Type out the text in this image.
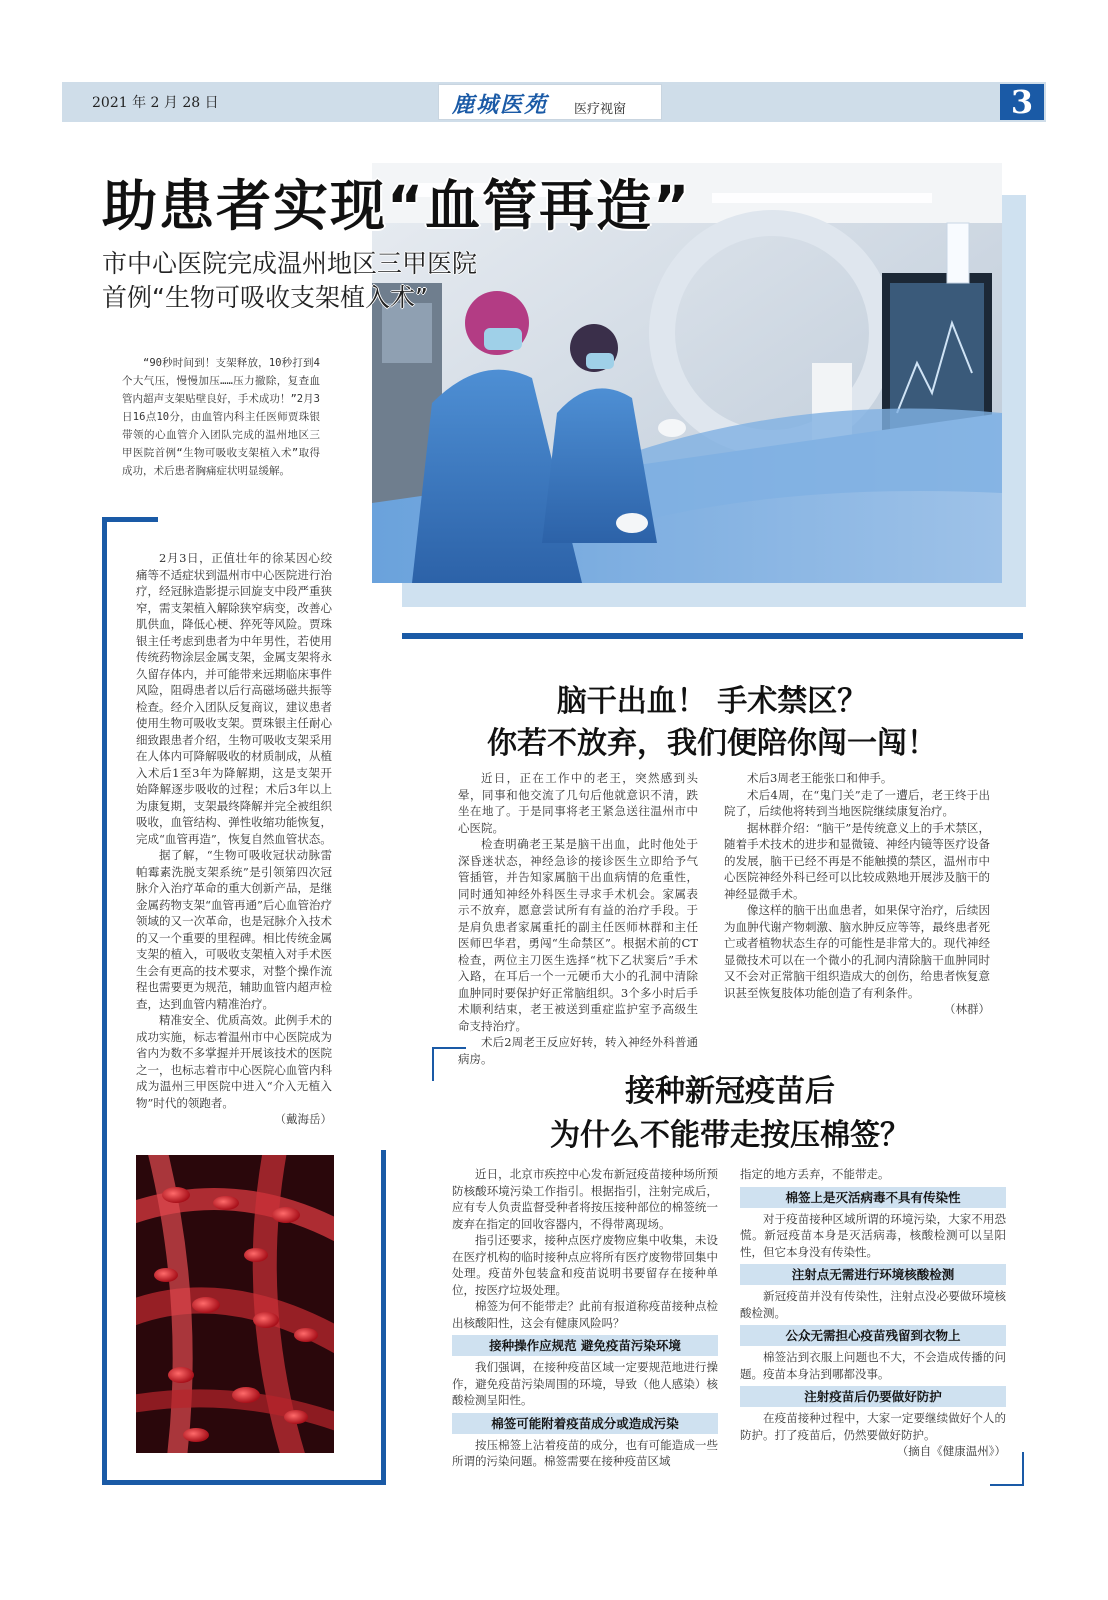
2021 年 2 月 28 日	鹿城医苑 医疗视窗	3
助患者实现“血管再造”
市中心医院完成温州地区三甲医院
首例“生物可吸收支架植入术”
“90秒时间到！支架释放，10秒打到4个大气压，慢慢加压……压力撤除，复查血管内超声支架贴壁良好，手术成功！”2月3日16点10分，由血管内科主任医师贾珠银带领的心血管介入团队完成的温州地区三甲医院首例“生物可吸收支架植入术”取得成功，术后患者胸痛症状明显缓解。

2月3日，正值壮年的徐某因心绞痛等不适症状到温州市中心医院进行治疗，经冠脉造影提示回旋支中段严重狭窄，需支架植入解除狭窄病变，改善心肌供血，降低心梗、猝死等风险。贾珠银主任考虑到患者为中年男性，若使用传统药物涂层金属支架，金属支架将永久留存体内，并可能带来远期临床事件风险，阻碍患者以后行高磁场磁共振等检查。经介入团队反复商议，建议患者使用生物可吸收支架。贾珠银主任耐心细致跟患者介绍，生物可吸收支架采用在人体内可降解吸收的材质制成，从植入术后1至3年为降解期，这是支架开始降解逐步吸收的过程；术后3年以上为康复期，支架最终降解并完全被组织吸收，血管结构、弹性收缩功能恢复，完成“血管再造”，恢复自然血管状态。

据了解，“生物可吸收冠状动脉雷帕霉素洗脱支架系统”是引领第四次冠脉介入治疗革命的重大创新产品，是继金属药物支架“血管再通”后心血管治疗领域的又一次革命，也是冠脉介入技术的又一个重要的里程碑。相比传统金属支架的植入，可吸收支架植入对手术医生会有更高的技术要求，对整个操作流程也需要更为规范，辅助血管内超声检查，达到血管内精准治疗。

精准安全、优质高效。此例手术的成功实施，标志着温州市中心医院成为省内为数不多掌握并开展该技术的医院之一，也标志着市中心医院心血管内科成为温州三甲医院中进入“介入无植入物”时代的领跑者。

（戴海岳）

脑干出血！ 手术禁区？
你若不放弃，我们便陪你闯一闯！

近日，正在工作中的老王，突然感到头晕，同事和他交流了几句后他就意识不清，跌坐在地了。于是同事将老王紧急送往温州市中心医院。

检查明确老王某是脑干出血，此时他处于深昏迷状态，神经急诊的接诊医生立即给予气管插管，并告知家属脑干出血病情的危重性，同时通知神经外科医生寻求手术机会。家属表示不放弃，愿意尝试所有有益的治疗手段。于是肩负患者家属重托的副主任医师林群和主任医师巴华君，勇闯“生命禁区”。根据术前的CT检查，两位主刀医生选择“枕下乙状窦后”手术入路，在耳后一个一元硬币大小的孔洞中清除血肿同时要保护好正常脑组织。3个多小时后手术顺利结束，老王被送到重症监护室予高级生命支持治疗。

术后2周老王反应好转，转入神经外科普通病房。

术后3周老王能张口和伸手。

术后4周，在“鬼门关”走了一遭后，老王终于出院了，后续他将转到当地医院继续康复治疗。

据林群介绍：“脑干”是传统意义上的手术禁区，随着手术技术的进步和显微镜、神经内镜等医疗设备的发展，脑干已经不再是不能触摸的禁区，温州市中心医院神经外科已经可以比较成熟地开展涉及脑干的神经显微手术。

像这样的脑干出血患者，如果保守治疗，后续因为血肿代谢产物刺激、脑水肿反应等等，最终患者死亡或者植物状态生存的可能性是非常大的。现代神经显微技术可以在一个微小的孔洞内清除脑干血肿同时又不会对正常脑干组织造成大的创伤，给患者恢复意识甚至恢复肢体功能创造了有利条件。

（林群）

接种新冠疫苗后
为什么不能带走按压棉签？

近日，北京市疾控中心发布新冠疫苗接种场所预防核酸环境污染工作指引。根据指引，注射完成后，应有专人负责监督受种者将按压接种部位的棉签统一废弃在指定的回收容器内，不得带离现场。

指引还要求，接种点医疗废物应集中收集，未设在医疗机构的临时接种点应将所有医疗废物带回集中处理。疫苗外包装盒和疫苗说明书要留存在接种单位，按医疗垃圾处理。

棉签为何不能带走？此前有报道称疫苗接种点检出核酸阳性，这会有健康风险吗？

接种操作应规范 避免疫苗污染环境

我们强调，在接种疫苗区域一定要规范地进行操作，避免疫苗污染周围的环境，导致（他人感染）核酸检测呈阳性。

棉签可能附着疫苗成分或造成污染

按压棉签上沾着疫苗的成分，也有可能造成一些所谓的污染问题。棉签需要在接种疫苗区域

指定的地方丢弃，不能带走。

棉签上是灭活病毒不具有传染性

对于疫苗接种区域所谓的环境污染，大家不用恐慌。新冠疫苗本身是灭活病毒，核酸检测可以呈阳性，但它本身没有传染性。

注射点无需进行环境核酸检测

新冠疫苗并没有传染性，注射点没必要做环境核酸检测。

公众无需担心疫苗残留到衣物上

棉签沾到衣服上问题也不大，不会造成传播的问题。疫苗本身沾到哪都没事。

注射疫苗后仍要做好防护

在疫苗接种过程中，大家一定要继续做好个人的防护。打了疫苗后，仍然要做好防护。

（摘自《健康温州》）
